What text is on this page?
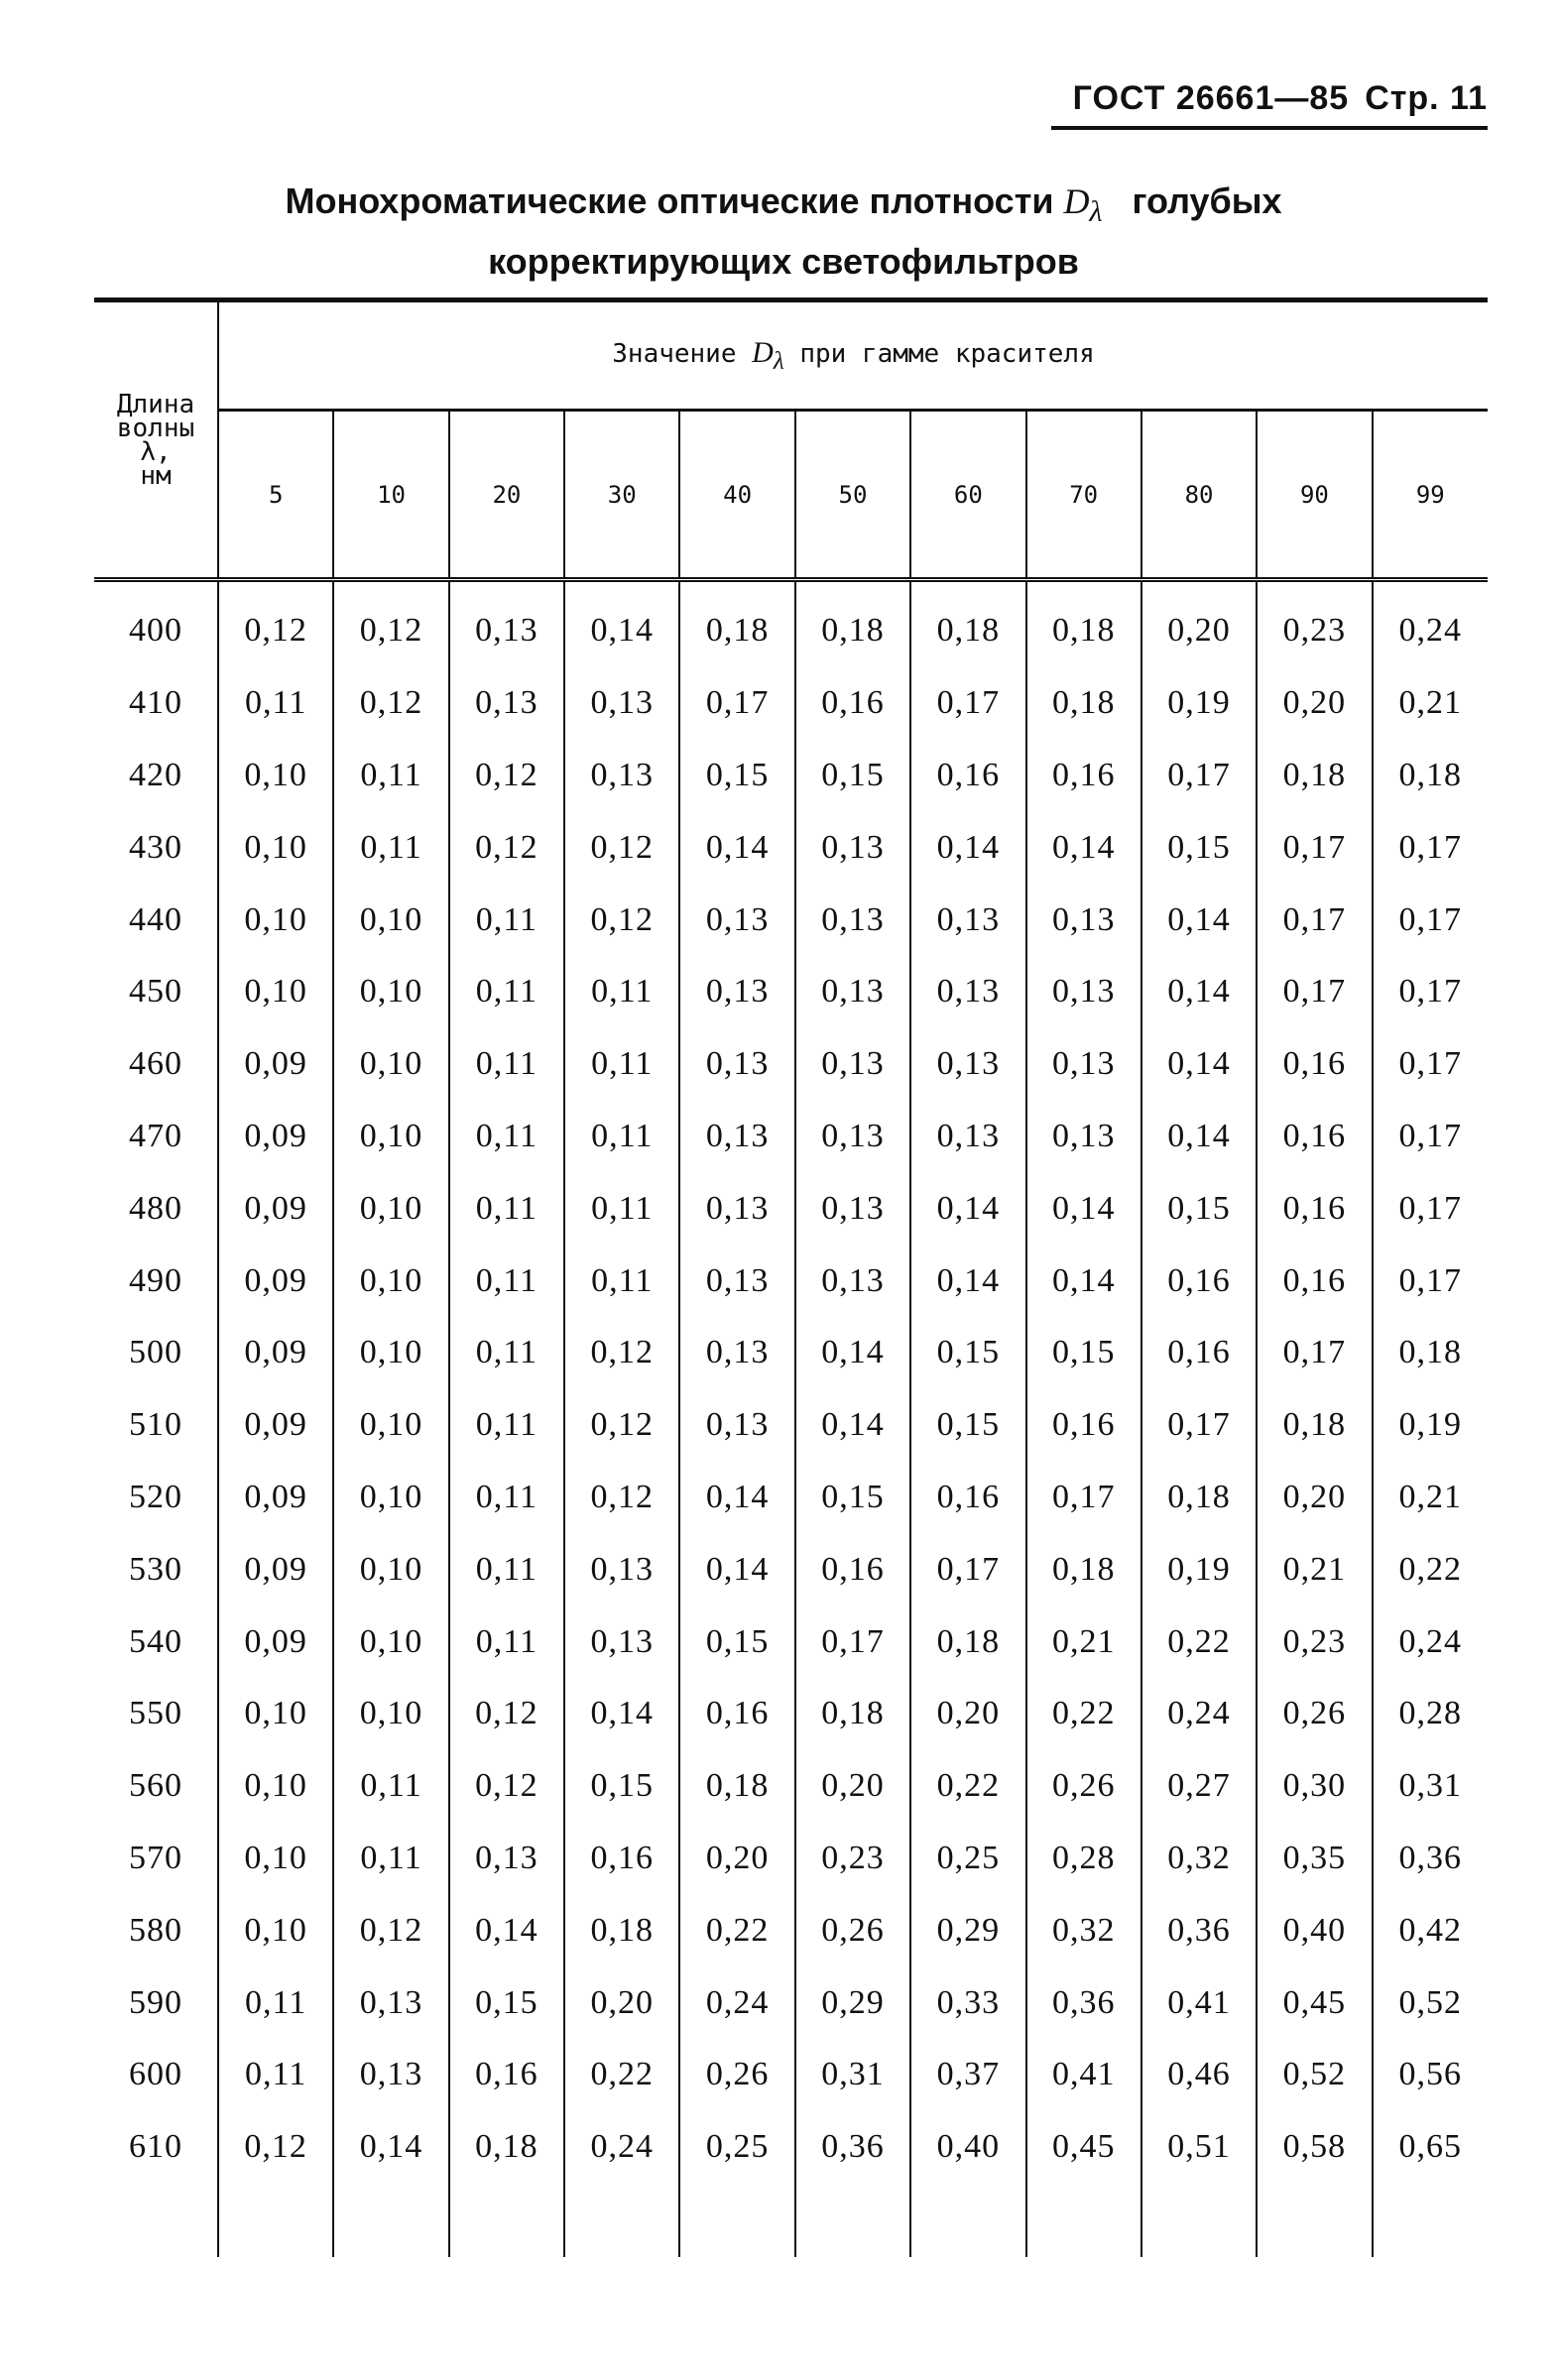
ГОСТ 26661—85 Стр. 11
Монохроматические оптические плотности $D_\lambda$ голубых
корректирующих светофильтров
Длина
волны
λ,
нм	Значение $D_\lambda$ при гамме красителя										
	5	10	20	30	40	50	60	70	80	90	99
400	0,12	0,12	0,13	0,14	0,18	0,18	0,18	0,18	0,20	0,23	0,24
410	0,11	0,12	0,13	0,13	0,17	0,16	0,17	0,18	0,19	0,20	0,21
420	0,10	0,11	0,12	0,13	0,15	0,15	0,16	0,16	0,17	0,18	0,18
430	0,10	0,11	0,12	0,12	0,14	0,13	0,14	0,14	0,15	0,17	0,17
440	0,10	0,10	0,11	0,12	0,13	0,13	0,13	0,13	0,14	0,17	0,17
450	0,10	0,10	0,11	0,11	0,13	0,13	0,13	0,13	0,14	0,17	0,17
460	0,09	0,10	0,11	0,11	0,13	0,13	0,13	0,13	0,14	0,16	0,17
470	0,09	0,10	0,11	0,11	0,13	0,13	0,13	0,13	0,14	0,16	0,17
480	0,09	0,10	0,11	0,11	0,13	0,13	0,14	0,14	0,15	0,16	0,17
490	0,09	0,10	0,11	0,11	0,13	0,13	0,14	0,14	0,16	0,16	0,17
500	0,09	0,10	0,11	0,12	0,13	0,14	0,15	0,15	0,16	0,17	0,18
510	0,09	0,10	0,11	0,12	0,13	0,14	0,15	0,16	0,17	0,18	0,19
520	0,09	0,10	0,11	0,12	0,14	0,15	0,16	0,17	0,18	0,20	0,21
530	0,09	0,10	0,11	0,13	0,14	0,16	0,17	0,18	0,19	0,21	0,22
540	0,09	0,10	0,11	0,13	0,15	0,17	0,18	0,21	0,22	0,23	0,24
550	0,10	0,10	0,12	0,14	0,16	0,18	0,20	0,22	0,24	0,26	0,28
560	0,10	0,11	0,12	0,15	0,18	0,20	0,22	0,26	0,27	0,30	0,31
570	0,10	0,11	0,13	0,16	0,20	0,23	0,25	0,28	0,32	0,35	0,36
580	0,10	0,12	0,14	0,18	0,22	0,26	0,29	0,32	0,36	0,40	0,42
590	0,11	0,13	0,15	0,20	0,24	0,29	0,33	0,36	0,41	0,45	0,52
600	0,11	0,13	0,16	0,22	0,26	0,31	0,37	0,41	0,46	0,52	0,56
610	0,12	0,14	0,18	0,24	0,25	0,36	0,40	0,45	0,51	0,58	0,65
